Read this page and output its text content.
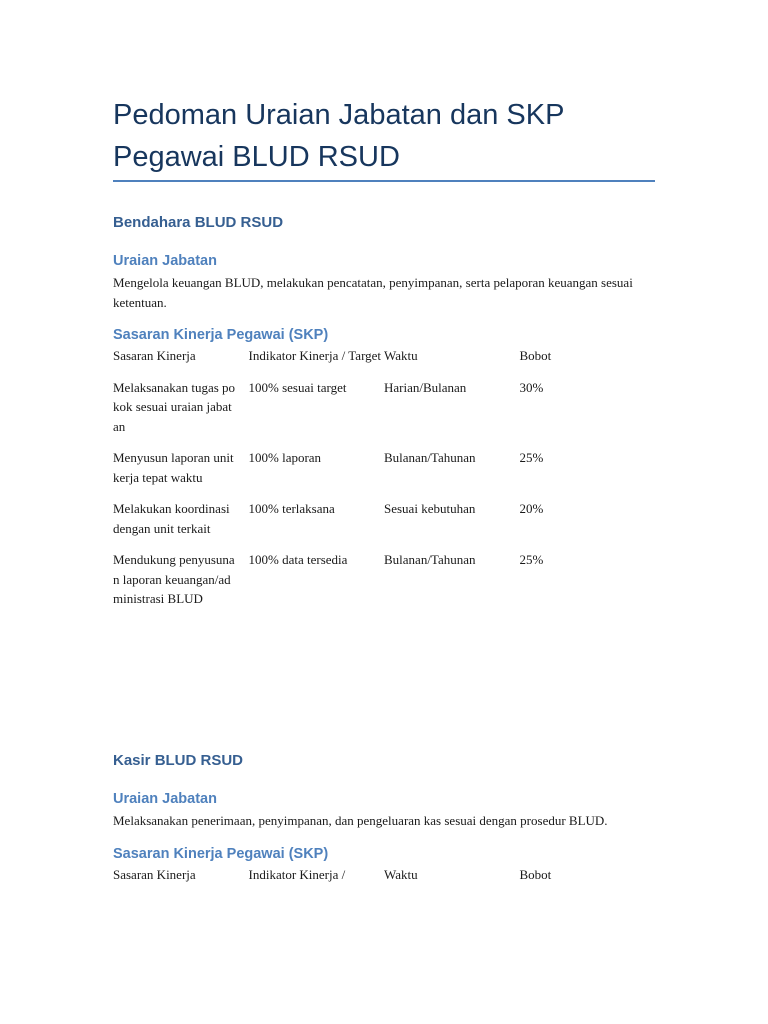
Pedoman Uraian Jabatan dan SKP Pegawai BLUD RSUD
Bendahara BLUD RSUD
Uraian Jabatan

Mengelola keuangan BLUD, melakukan pencatatan, penyimpanan, serta pelaporan keuangan sesuai ketentuan.

Sasaran Kinerja Pegawai (SKP)
Sasaran Kinerja	Indikator Kinerja / Target	Waktu	Bobot
Melaksanakan tugas pokok sesuai uraian jabatan	100% sesuai target	Harian/Bulanan	30%
Menyusun laporan unit kerja tepat waktu	100% laporan	Bulanan/Tahunan	25%
Melakukan koordinasi dengan unit terkait	100% terlaksana	Sesuai kebutuhan	20%
Mendukung penyusunan laporan keuangan/administrasi BLUD	100% data tersedia	Bulanan/Tahunan	25%
Kasir BLUD RSUD
Uraian Jabatan

Melaksanakan penerimaan, penyimpanan, dan pengeluaran kas sesuai dengan prosedur BLUD.

Sasaran Kinerja Pegawai (SKP)
Sasaran Kinerja	Indikator Kinerja /	Waktu	Bobot
